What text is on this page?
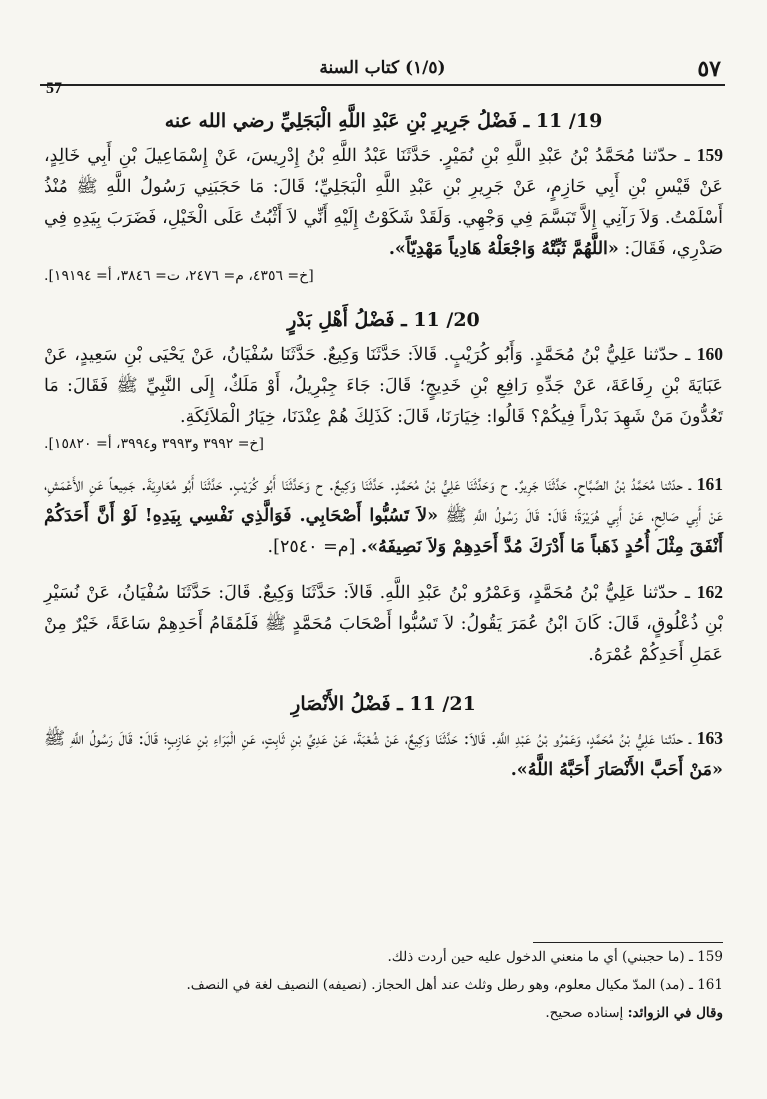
٥٧
(١/٥) كتاب السنة
57
19/ 11 ـ فَضْلُ جَرِيرِ بْنِ عَبْدِ اللَّهِ الْبَجَلِيِّ رضي الله عنه

159 ـ حدّثنا مُحَمَّدُ بْنُ عَبْدِ اللَّهِ بْنِ نُمَيْرٍ. حَدَّثَنَا عَبْدُ اللَّهِ بْنُ إِدْرِيسَ، عَنْ إِسْمَاعِيلَ بْنِ أَبِي خَالِدٍ، عَنْ قَيْسِ بْنِ أَبِي حَازِمٍ، عَنْ جَرِيرِ بْنِ عَبْدِ اللَّهِ الْبَجَلِيِّ؛ قَالَ: مَا حَجَبَنِي رَسُولُ اللَّهِ ﷺ مُنْذُ أَسْلَمْتُ. وَلاَ رَآنِي إِلاَّ تَبَسَّمَ فِي وَجْهِي. وَلَقَدْ شَكَوْتُ إِلَيْهِ أَنِّي لاَ أَثْبُتُ عَلَى الْخَيْلِ، فَضَرَبَ بِيَدِهِ فِي صَدْرِي، فَقَالَ: «اللَّهُمَّ ثَبِّتْهُ وَاجْعَلْهُ هَادِياً مَهْدِيّاً».

[خ= ٤٣٥٦، م= ٢٤٧٦، ت= ٣٨٤٦، أ= ١٩١٩٤].

20/ 11 ـ فَضْلُ أَهْلِ بَدْرٍ

160 ـ حدّثنا عَلِيُّ بْنُ مُحَمَّدٍ. وَأَبُو كُرَيْبٍ. قَالاَ: حَدَّثَنَا وَكِيعٌ. حَدَّثَنَا سُفْيَانُ، عَنْ يَحْيَى بْنِ سَعِيدٍ، عَنْ عَبَايَةَ بْنِ رِفَاعَةَ، عَنْ جَدِّهِ رَافِعِ بْنِ خَدِيجٍ؛ قَالَ: جَاءَ جِبْرِيلُ، أَوْ مَلَكٌ، إِلَى النَّبِيِّ ﷺ فَقَالَ: مَا تَعُدُّونَ مَنْ شَهِدَ بَدْراً فِيكُمْ؟ قَالُوا: خِيَارَنَا، قَالَ: كَذَلِكَ هُمْ عِنْدَنَا، خِيَارُ الْمَلاَئِكَةِ.

[خ= ٣٩٩٢ و٣٩٩٣ و٣٩٩٤، أ= ١٥٨٢٠].

161 ـ حدّثنا مُحَمَّدُ بْنُ الصَّبَّاحِ. حَدَّثَنَا جَرِيرٌ. ح وَحَدَّثَنَا عَلِيُّ بْنُ مُحَمَّدٍ. حَدَّثَنَا وَكِيعٌ. ح وَحَدَّثَنَا أَبُو كُرَيْبٍ. حَدَّثَنَا أَبُو مُعَاوِيَةَ. جَمِيعاً عَنِ الأَعْمَشِ، عَنْ أَبِي صَالِحٍ، عَنْ أَبِي هُرَيْرَةَ؛ قَالَ: قَالَ رَسُولُ اللَّهِ ﷺ «لاَ تَسُبُّوا أَصْحَابِي. فَوَالَّذِي نَفْسِي بِيَدِهِ! لَوْ أَنَّ أَحَدَكُمْ أَنْفَقَ مِثْلَ أُحُدٍ ذَهَباً مَا أَدْرَكَ مُدَّ أَحَدِهِمْ وَلاَ نَصِيفَهُ». [م= ٢٥٤٠].

162 ـ حدّثنا عَلِيُّ بْنُ مُحَمَّدٍ، وَعَمْرُو بْنُ عَبْدِ اللَّهِ. قَالاَ: حَدَّثَنَا وَكِيعٌ. قَالَ: حَدَّثَنَا سُفْيَانُ، عَنْ نُسَيْرِ بْنِ ذُعْلُوقٍ، قَالَ: كَانَ ابْنُ عُمَرَ يَقُولُ: لاَ تَسُبُّوا أَصْحَابَ مُحَمَّدٍ ﷺ فَلَمُقَامُ أَحَدِهِمْ سَاعَةً، خَيْرٌ مِنْ عَمَلِ أَحَدِكُمْ عُمْرَهُ.

21/ 11 ـ فَضْلُ الأَنْصَارِ

163 ـ حدّثنا عَلِيُّ بْنُ مُحَمَّدٍ، وَعَمْرُو بْنُ عَبْدِ اللَّهِ. قَالاَ: حَدَّثَنَا وَكِيعٌ، عَنْ شُعْبَةَ، عَنْ عَدِيِّ بْنِ ثَابِتٍ، عَنِ الْبَرَاءِ بْنِ عَازِبٍ؛ قَالَ: قَالَ رَسُولُ اللَّهِ ﷺ «مَنْ أَحَبَّ الأَنْصَارَ أَحَبَّهُ اللَّهُ».

159 ـ (ما حجبني) أي ما منعني الدخول عليه حين أردت ذلك.

161 ـ (مد) المدّ مكيال معلوم، وهو رطل وثلث عند أهل الحجاز. (نصيفه) النصيف لغة في النصف.

وقال في الزوائد: إسناده صحيح.
